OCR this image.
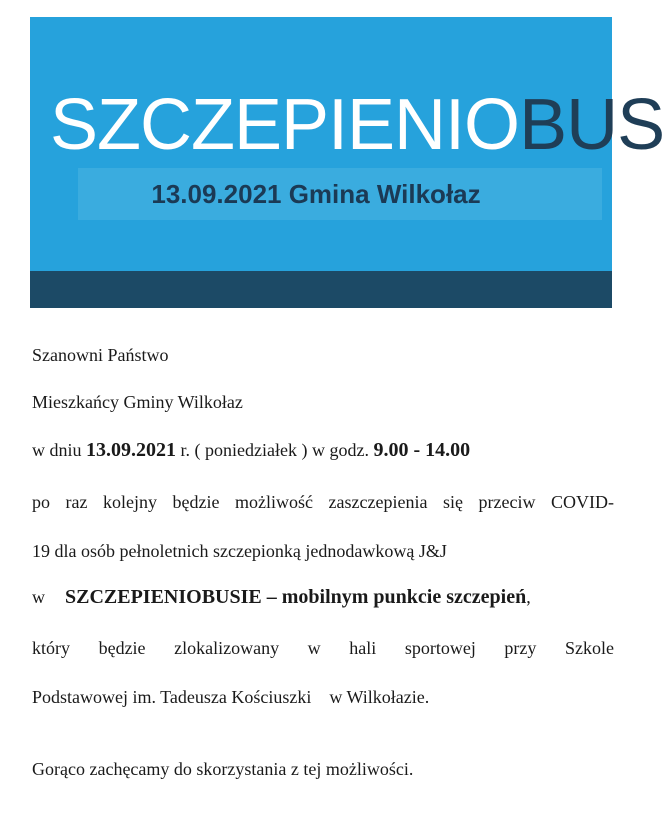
SZCZEPIENIOBUS
13.09.2021 Gmina Wilkołaz
Szanowni Państwo
Mieszkańcy Gminy Wilkołaz
w dniu 13.09.2021 r. ( poniedziałek ) w godz. 9.00 - 14.00
po raz kolejny będzie możliwość zaszczepienia się przeciw COVID-
19 dla osób pełnoletnich szczepionką jednodawkową J&J
w SZCZEPIENIOBUSIE – mobilnym punkcie szczepień,
który będzie zlokalizowany w hali sportowej przy Szkole
Podstawowej im. Tadeusza Kościuszki    w Wilkołazie.
Gorąco zachęcamy do skorzystania z tej możliwości.
